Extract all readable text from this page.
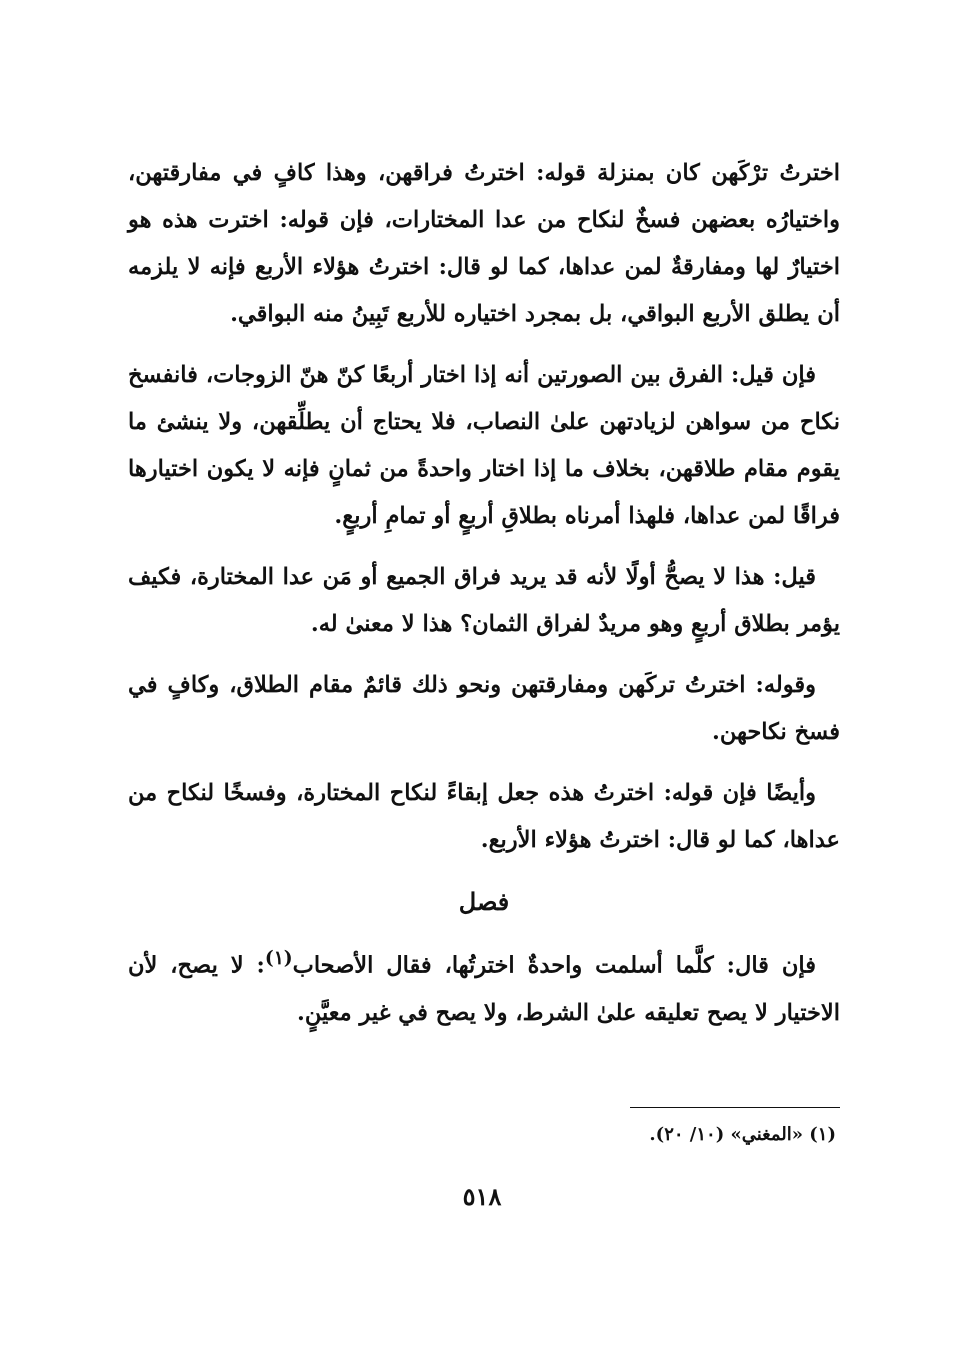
اخترتُ ترْكَهن كان بمنزلة قوله: اخترتُ فراقهن، وهذا كافٍ في مفارقتهن، واختيارُه بعضهن فسخٌ لنكاح من عدا المختارات، فإن قوله: اخترت هذه هو اختيارٌ لها ومفارقةٌ لمن عداها، كما لو قال: اخترتُ هؤلاء الأربع فإنه لا يلزمه أن يطلق الأربع البواقي، بل بمجرد اختياره للأربع تَبِينُ منه البواقي.

فإن قيل: الفرق بين الصورتين أنه إذا اختار أربعًا كنّ هنّ الزوجات، فانفسخ نكاح من سواهن لزيادتهن علىٰ النصاب، فلا يحتاج أن يطلِّقهن، ولا ينشئ ما يقوم مقام طلاقهن، بخلاف ما إذا اختار واحدةً من ثمانٍ فإنه لا يكون اختيارها فراقًا لمن عداها، فلهذا أمرناه بطلاقِ أربعٍ أو تمامِ أربعٍ.

قيل: هذا لا يصحُّ أولًا لأنه قد يريد فراق الجميع أو مَن عدا المختارة، فكيف يؤمر بطلاق أربعٍ وهو مريدٌ لفراق الثمان؟ هذا لا معنىٰ له.

وقوله: اخترتُ تركَهن ومفارقتهن ونحو ذلك قائمٌ مقام الطلاق، وكافٍ في فسخ نكاحهن.

وأيضًا فإن قوله: اخترتُ هذه جعل إبقاءً لنكاح المختارة، وفسخًا لنكاح من عداها، كما لو قال: اخترتُ هؤلاء الأربع.

فصل

فإن قال: كلَّما أسلمت واحدةٌ اخترتُها، فقال الأصحاب$^{(١)}$: لا يصح، لأن الاختيار لا يصح تعليقه علىٰ الشرط، ولا يصح في غير معيَّنٍ.

(١) «المغني» (١٠/ ٢٠).
٥١٨
